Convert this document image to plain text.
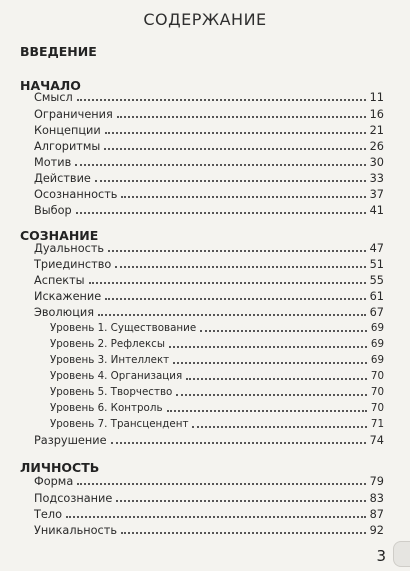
СОДЕРЖАНИЕ
ВВЕДЕНИЕ
НАЧАЛО
Смысл	11
Ограничения	16
Концепции	21
Алгоритмы	26
Мотив	30
Действие	33
Осознанность	37
Выбор	41
СОЗНАНИЕ
Дуальность	47
Триединство	51
Аспекты	55
Искажение	61
Эволюция	67
Уровень 1. Существование	69
Уровень 2. Рефлексы	69
Уровень 3. Интеллект	69
Уровень 4. Организация	70
Уровень 5. Творчество	70
Уровень 6. Контроль	70
Уровень 7. Трансцендент	71
Разрушение	74
ЛИЧНОСТЬ
Форма	79
Подсознание	83
Тело	87
Уникальность	92
3
